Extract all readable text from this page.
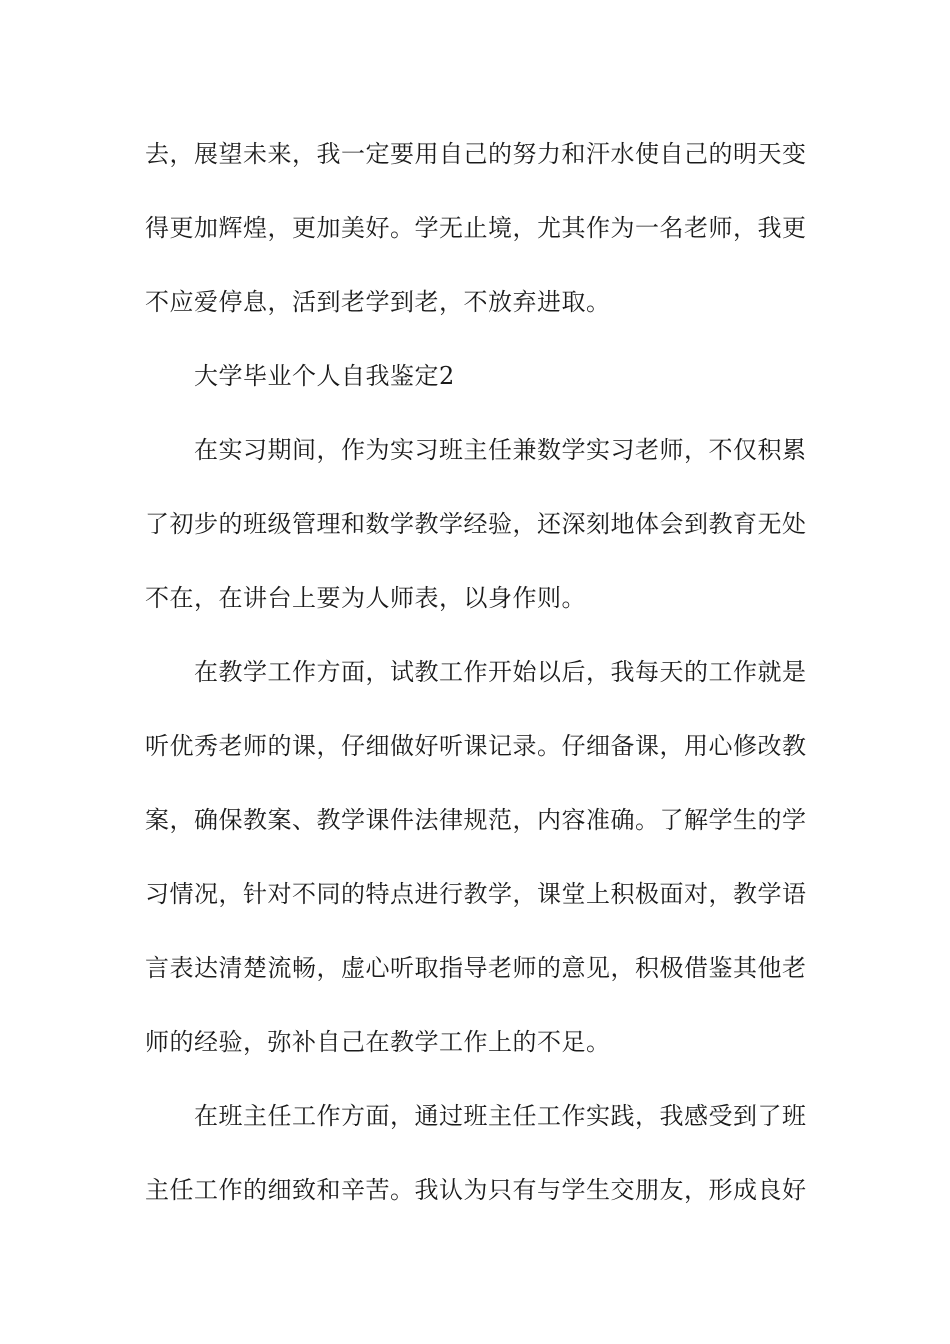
去，展望未来，我一定要用自己的努力和汗水使自己的明天变
得更加辉煌，更加美好。学无止境，尤其作为一名老师，我更
不应爱停息，活到老学到老，不放弃进取。
大学毕业个人自我鉴定2
在实习期间，作为实习班主任兼数学实习老师，不仅积累
了初步的班级管理和数学教学经验，还深刻地体会到教育无处
不在，在讲台上要为人师表，以身作则。
在教学工作方面，试教工作开始以后，我每天的工作就是
听优秀老师的课，仔细做好听课记录。仔细备课，用心修改教
案，确保教案、教学课件法律规范，内容准确。了解学生的学
习情况，针对不同的特点进行教学，课堂上积极面对，教学语
言表达清楚流畅，虚心听取指导老师的意见，积极借鉴其他老
师的经验，弥补自己在教学工作上的不足。
在班主任工作方面，通过班主任工作实践，我感受到了班
主任工作的细致和辛苦。我认为只有与学生交朋友，形成良好
